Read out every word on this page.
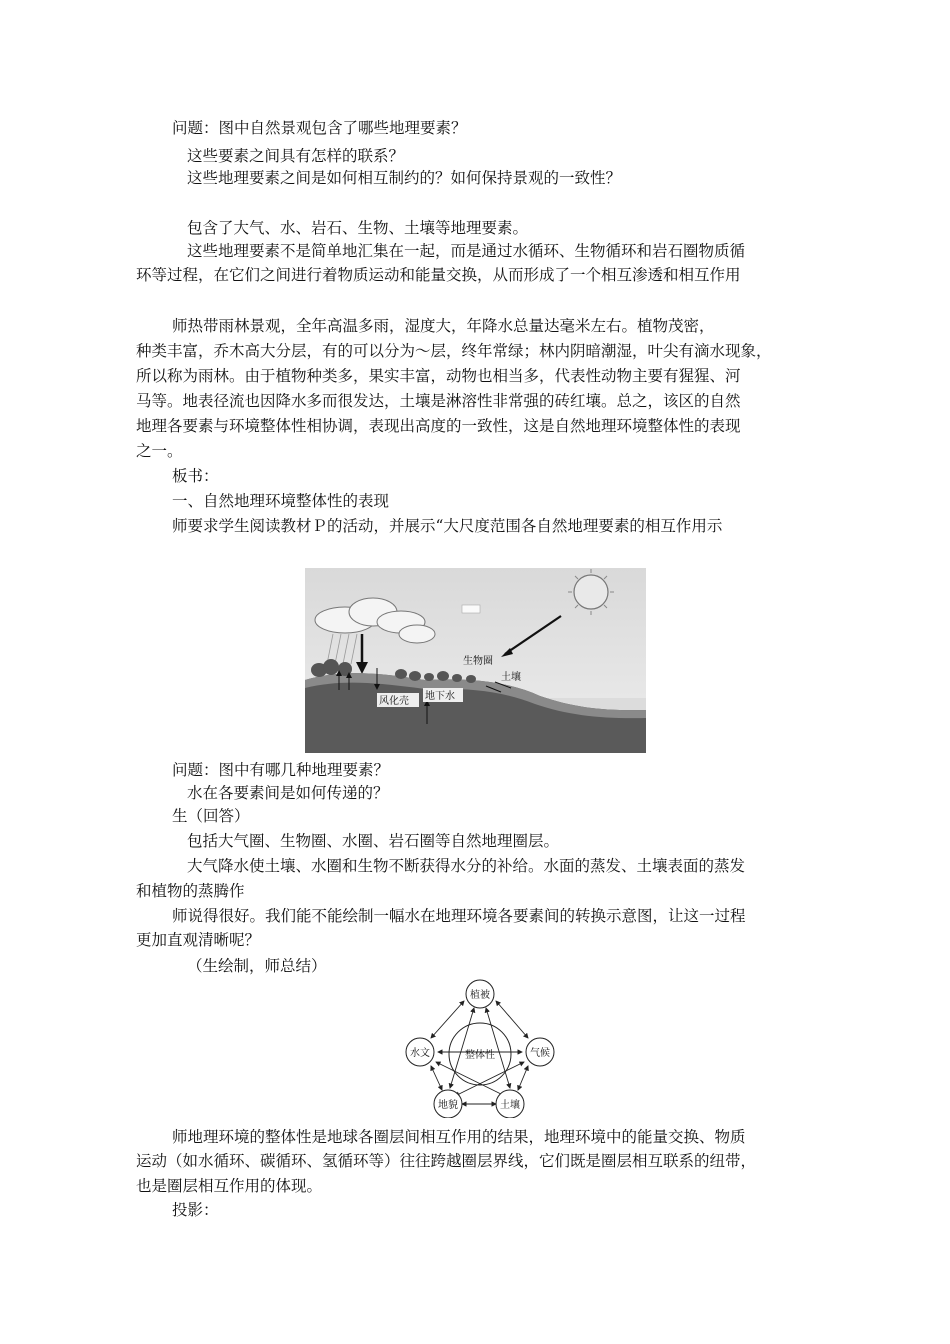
问题：图中自然景观包含了哪些地理要素？
这些要素之间具有怎样的联系？
这些地理要素之间是如何相互制约的？如何保持景观的一致性？
包含了大气、水、岩石、生物、土壤等地理要素。
这些地理要素不是简单地汇集在一起，而是通过水循环、生物循环和岩石圈物质循
环等过程，在它们之间进行着物质运动和能量交换，从而形成了一个相互渗透和相互作用
师热带雨林景观，全年高温多雨，湿度大，年降水总量达毫米左右。植物茂密，
种类丰富，乔木高大分层，有的可以分为～层，终年常绿；林内阴暗潮湿，叶尖有滴水现象，
所以称为雨林。由于植物种类多，果实丰富，动物也相当多，代表性动物主要有猩猩、河
马等。地表径流也因降水多而很发达，土壤是淋溶性非常强的砖红壤。总之，该区的自然
地理各要素与环境整体性相协调，表现出高度的一致性，这是自然地理环境整体性的表现
之一。
板书：
一、自然地理环境整体性的表现
师要求学生阅读教材Ｐ的活动，并展示“大尺度范围各自然地理要素的相互作用示
生物圈
土壤
风化壳 地下水
问题：图中有哪几种地理要素？
水在各要素间是如何传递的？
生（回答）
包括大气圈、生物圈、水圈、岩石圈等自然地理圈层。
大气降水使土壤、水圈和生物不断获得水分的补给。水面的蒸发、土壤表面的蒸发
和植物的蒸腾作
师说得很好。我们能不能绘制一幅水在地理环境各要素间的转换示意图，让这一过程
更加直观清晰呢？
（生绘制，师总结）
植被
水文	整体性	气候
地貌	土壤
师地理环境的整体性是地球各圈层间相互作用的结果，地理环境中的能量交换、物质
运动（如水循环、碳循环、氢循环等）往往跨越圈层界线，它们既是圈层相互联系的纽带，
也是圈层相互作用的体现。
投影：
